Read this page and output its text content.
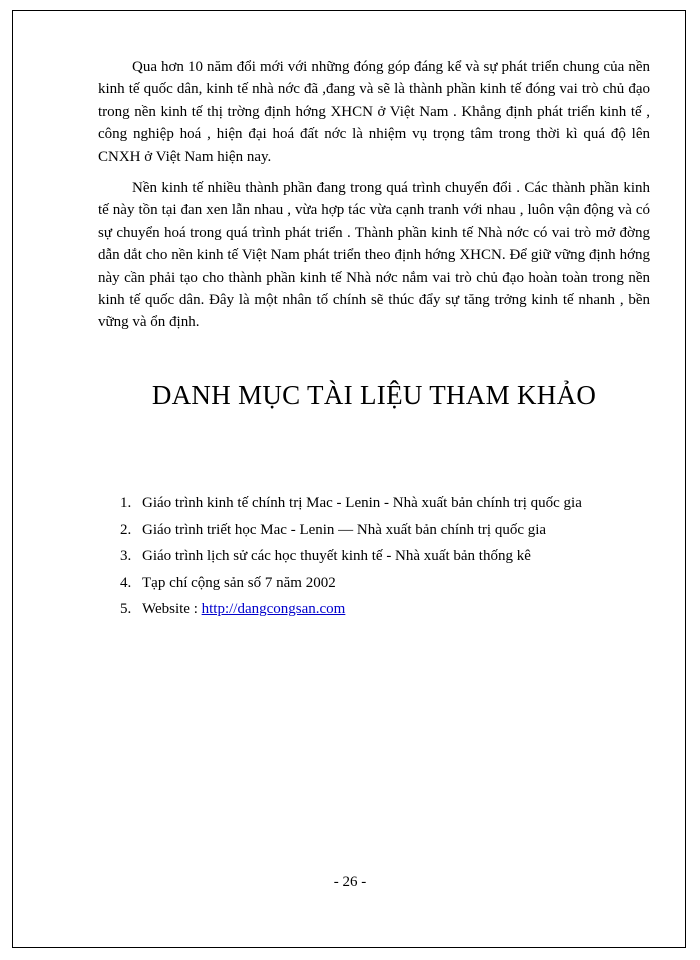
Qua hơn 10 năm đổi mới với những đóng góp đáng kể và sự phát triển chung của nền kinh tế quốc dân, kinh tế nhà nớc đã ,đang và sẽ là thành phần kinh tế đóng vai trò chủ đạo trong nền kinh tế thị trờng định hớng XHCN ở Việt Nam . Khẳng định phát triển kinh tế , công nghiệp hoá , hiện đại hoá đất nớc là nhiệm vụ trọng tâm trong thời kì quá độ lên CNXH ở Việt Nam hiện nay.

Nền kinh tế nhiều thành phần đang trong quá trình chuyển đổi . Các thành phần kinh tế này tồn tại đan xen lẫn nhau , vừa hợp tác vừa cạnh tranh với nhau , luôn vận động và có sự chuyển hoá trong quá trình phát triển . Thành phần kinh tế Nhà nớc có vai trò mở đờng dẫn dắt cho nền kinh tế Việt Nam phát triển theo định hớng XHCN. Để giữ vững định hớng này cần phải tạo cho thành phần kinh tế Nhà nớc nắm vai trò chủ đạo hoàn toàn trong nền kinh tế quốc dân. Đây là một nhân tố chính sẽ thúc đẩy sự tăng trởng kinh tế nhanh , bền vững và ổn định.

DANH MỤC TÀI LIỆU THAM KHẢO
1. Giáo trình kinh tế chính trị Mac - Lenin - Nhà xuất bản chính trị quốc gia
2. Giáo trình triết học Mac - Lenin — Nhà xuất bản chính trị quốc gia
3. Giáo trình lịch sử các học thuyết kinh tế - Nhà xuất bản thống kê
4. Tạp chí cộng sản số 7 năm 2002
5. Website : http://dangcongsan.com
- 26 -
